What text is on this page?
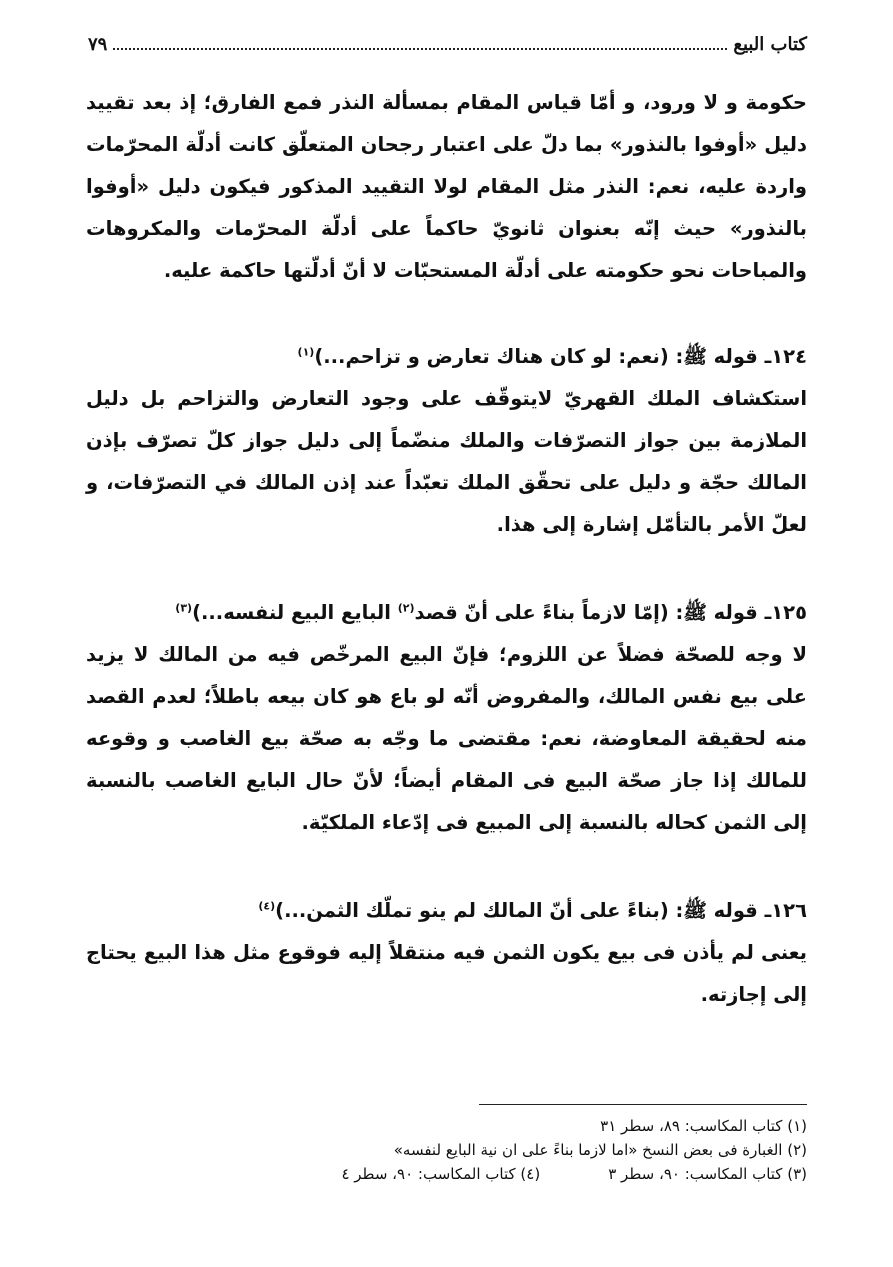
كتاب البيع
٧٩

حكومة و لا ورود، و أمّا قياس المقام بمسألة النذر فمع الفارق؛ إذ بعد تقييد دليل «أوفوا بالنذور» بما دلّ على اعتبار رجحان المتعلّق كانت أدلّة المحرّمات واردة عليه، نعم: النذر مثل المقام لولا التقييد المذكور فيكون دليل «أوفوا بالنذور» حيث إنّه بعنوان ثانويّ حاكماً على أدلّة المحرّمات والمكروهات والمباحات نحو حكومته على أدلّة المستحبّات لا أنّ أدلّتها حاكمة عليه.

١٢٤ـ قوله ﷺ: (نعم: لو كان هناك تعارض و تزاحم...)$^{(١)}$

استكشاف الملك القهريّ لايتوقّف على وجود التعارض والتزاحم بل دليل الملازمة بين جواز التصرّفات والملك منضّماً إلى دليل جواز كلّ تصرّف بإذن المالك حجّة و دليل على تحقّق الملك تعبّداً عند إذن المالك في التصرّفات، و لعلّ الأمر بالتأمّل إشارة إلى هذا.

١٢٥ـ قوله ﷺ: (إمّا لازماً بناءً على أنّ قصد$^{(٢)}$ البايع البيع لنفسه...)$^{(٣)}$

لا وجه للصحّة فضلاً عن اللزوم؛ فإنّ البيع المرخّص فيه من المالك لا يزيد على بيع نفس المالك، والمفروض أنّه لو باع هو كان بيعه باطلاً؛ لعدم القصد منه لحقيقة المعاوضة، نعم: مقتضى ما وجّه به صحّة بيع الغاصب و وقوعه للمالك إذا جاز صحّة البيع فى المقام أيضاً؛ لأنّ حال البايع الغاصب بالنسبة إلى الثمن كحاله بالنسبة إلى المبيع فى إدّعاء الملكيّة.

١٢٦ـ قوله ﷺ: (بناءً على أنّ المالك لم ينو تملّك الثمن...)$^{(٤)}$

يعنى لم يأذن فى بيع يكون الثمن فيه منتقلاً إليه فوقوع مثل هذا البيع يحتاج إلى إجازته.

(١) كتاب المكاسب: ٨٩، سطر ٣١
(٢) الغبارة فى بعض النسخ «اما لازما بناءً على ان نية البايع لنفسه»
(٣) كتاب المكاسب: ٩٠، سطر ٣
(٤) كتاب المكاسب: ٩٠، سطر ٤
